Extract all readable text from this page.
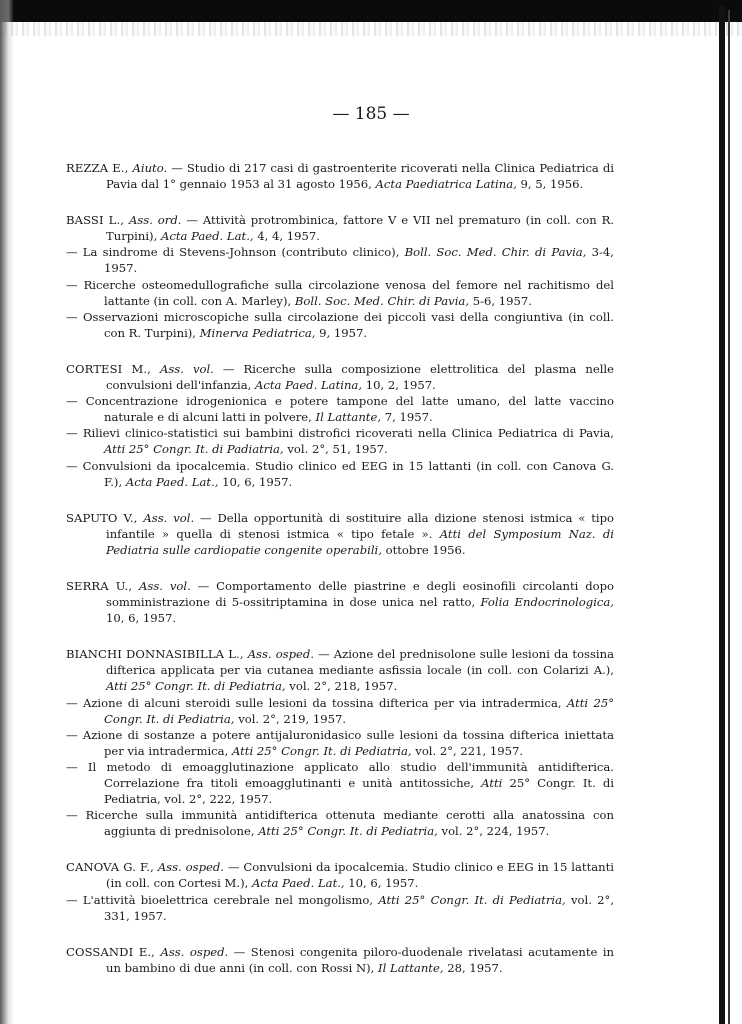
— 185 —
REZZA E., Aiuto. — Studio di 217 casi di gastroenterite ricoverati nella Clinica Pediatrica di Pavia dal 1° gennaio 1953 al 31 agosto 1956, Acta Paediatrica Latina, 9, 5, 1956.
BASSI L., Ass. ord. — Attività protrombinica, fattore V e VII nel prematuro (in coll. con R. Turpini), Acta Paed. Lat., 4, 4, 1957.
— La sindrome di Stevens-Johnson (contributo clinico), Boll. Soc. Med. Chir. di Pavia, 3-4, 1957.
— Ricerche osteomedullografiche sulla circolazione venosa del femore nel rachitismo del lattante (in coll. con A. Marley), Boll. Soc. Med. Chir. di Pavia, 5-6, 1957.
— Osservazioni microscopiche sulla circolazione dei piccoli vasi della congiuntiva (in coll. con R. Turpini), Minerva Pediatrica, 9, 1957.
CORTESI M., Ass. vol. — Ricerche sulla composizione elettrolitica del plasma nelle convulsioni dell'infanzia, Acta Paed. Latina, 10, 2, 1957.
— Concentrazione idrogenionica e potere tampone del latte umano, del latte vaccino naturale e di alcuni latti in polvere, Il Lattante, 7, 1957.
— Rilievi clinico-statistici sui bambini distrofici ricoverati nella Clinica Pediatrica di Pavia, Atti 25° Congr. It. di Padiatria, vol. 2°, 51, 1957.
— Convulsioni da ipocalcemia. Studio clinico ed EEG in 15 lattanti (in coll. con Canova G. F.), Acta Paed. Lat., 10, 6, 1957.
SAPUTO V., Ass. vol. — Della opportunità di sostituire alla dizione stenosi istmica « tipo infantile » quella di stenosi istmica « tipo fetale ». Atti del Symposium Naz. di Pediatria sulle cardiopatie congenite operabili, ottobre 1956.
SERRA U., Ass. vol. — Comportamento delle piastrine e degli eosinofili circolanti dopo somministrazione di 5-ossitriptamina in dose unica nel ratto, Folia Endocrinologica, 10, 6, 1957.
BIANCHI DONNASIBILLA L., Ass. osped. — Azione del prednisolone sulle lesioni da tossina difterica applicata per via cutanea mediante asfissia locale (in coll. con Colarizi A.), Atti 25° Congr. It. di Pediatria, vol. 2°, 218, 1957.
— Azione di alcuni steroidi sulle lesioni da tossina difterica per via intradermica, Atti 25° Congr. It. di Pediatria, vol. 2°, 219, 1957.
— Azione di sostanze a potere antijaluronidasico sulle lesioni da tossina difterica iniettata per via intradermica, Atti 25° Congr. It. di Pediatria, vol. 2°, 221, 1957.
— Il metodo di emoagglutinazione applicato allo studio dell'immunità antidifterica. Correlazione fra titoli emoagglutinanti e unità antitossiche, Atti 25° Congr. It. di Pediatria, vol. 2°, 222, 1957.
— Ricerche sulla immunità antidifterica ottenuta mediante cerotti alla anatossina con aggiunta di prednisolone, Atti 25° Congr. It. di Pediatria, vol. 2°, 224, 1957.
CANOVA G. F., Ass. osped. — Convulsioni da ipocalcemia. Studio clinico e EEG in 15 lattanti (in coll. con Cortesi M.), Acta Paed. Lat., 10, 6, 1957.
— L'attività bioelettrica cerebrale nel mongolismo, Atti 25° Congr. It. di Pediatria, vol. 2°, 331, 1957.
COSSANDI E., Ass. osped. — Stenosi congenita piloro-duodenale rivelatasi acutamente in un bambino di due anni (in coll. con Rossi N), Il Lattante, 28, 1957.
